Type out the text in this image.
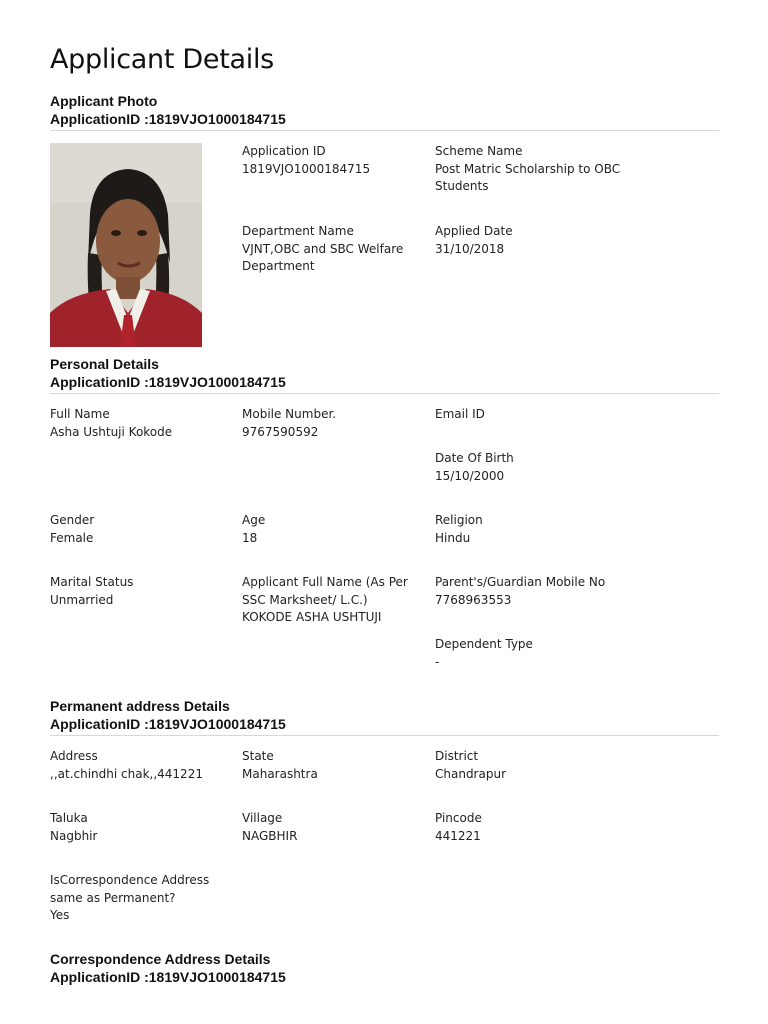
Applicant Details
Applicant Photo
ApplicationID :1819VJO1000184715
Application ID
1819VJO1000184715
Scheme Name
Post Matric Scholarship to OBC Students
Department Name
VJNT,OBC and SBC Welfare Department
Applied Date
31/10/2018
Personal Details
ApplicationID :1819VJO1000184715
Full Name
Asha Ushtuji Kokode
Mobile Number.
9767590592
Email ID
Date Of Birth
15/10/2000
Gender
Female
Age
18
Religion
Hindu
Marital Status
Unmarried
Applicant Full Name (As Per SSC Marksheet/ L.C.)
KOKODE ASHA USHTUJI
Parent's/Guardian Mobile No
7768963553
Dependent Type
-
Permanent address Details
ApplicationID :1819VJO1000184715
Address
,,at.chindhi chak,,441221
State
Maharashtra
District
Chandrapur
Taluka
Nagbhir
Village
NAGBHIR
Pincode
441221
IsCorrespondence Address same as Permanent?
Yes
Correspondence Address Details
ApplicationID :1819VJO1000184715
